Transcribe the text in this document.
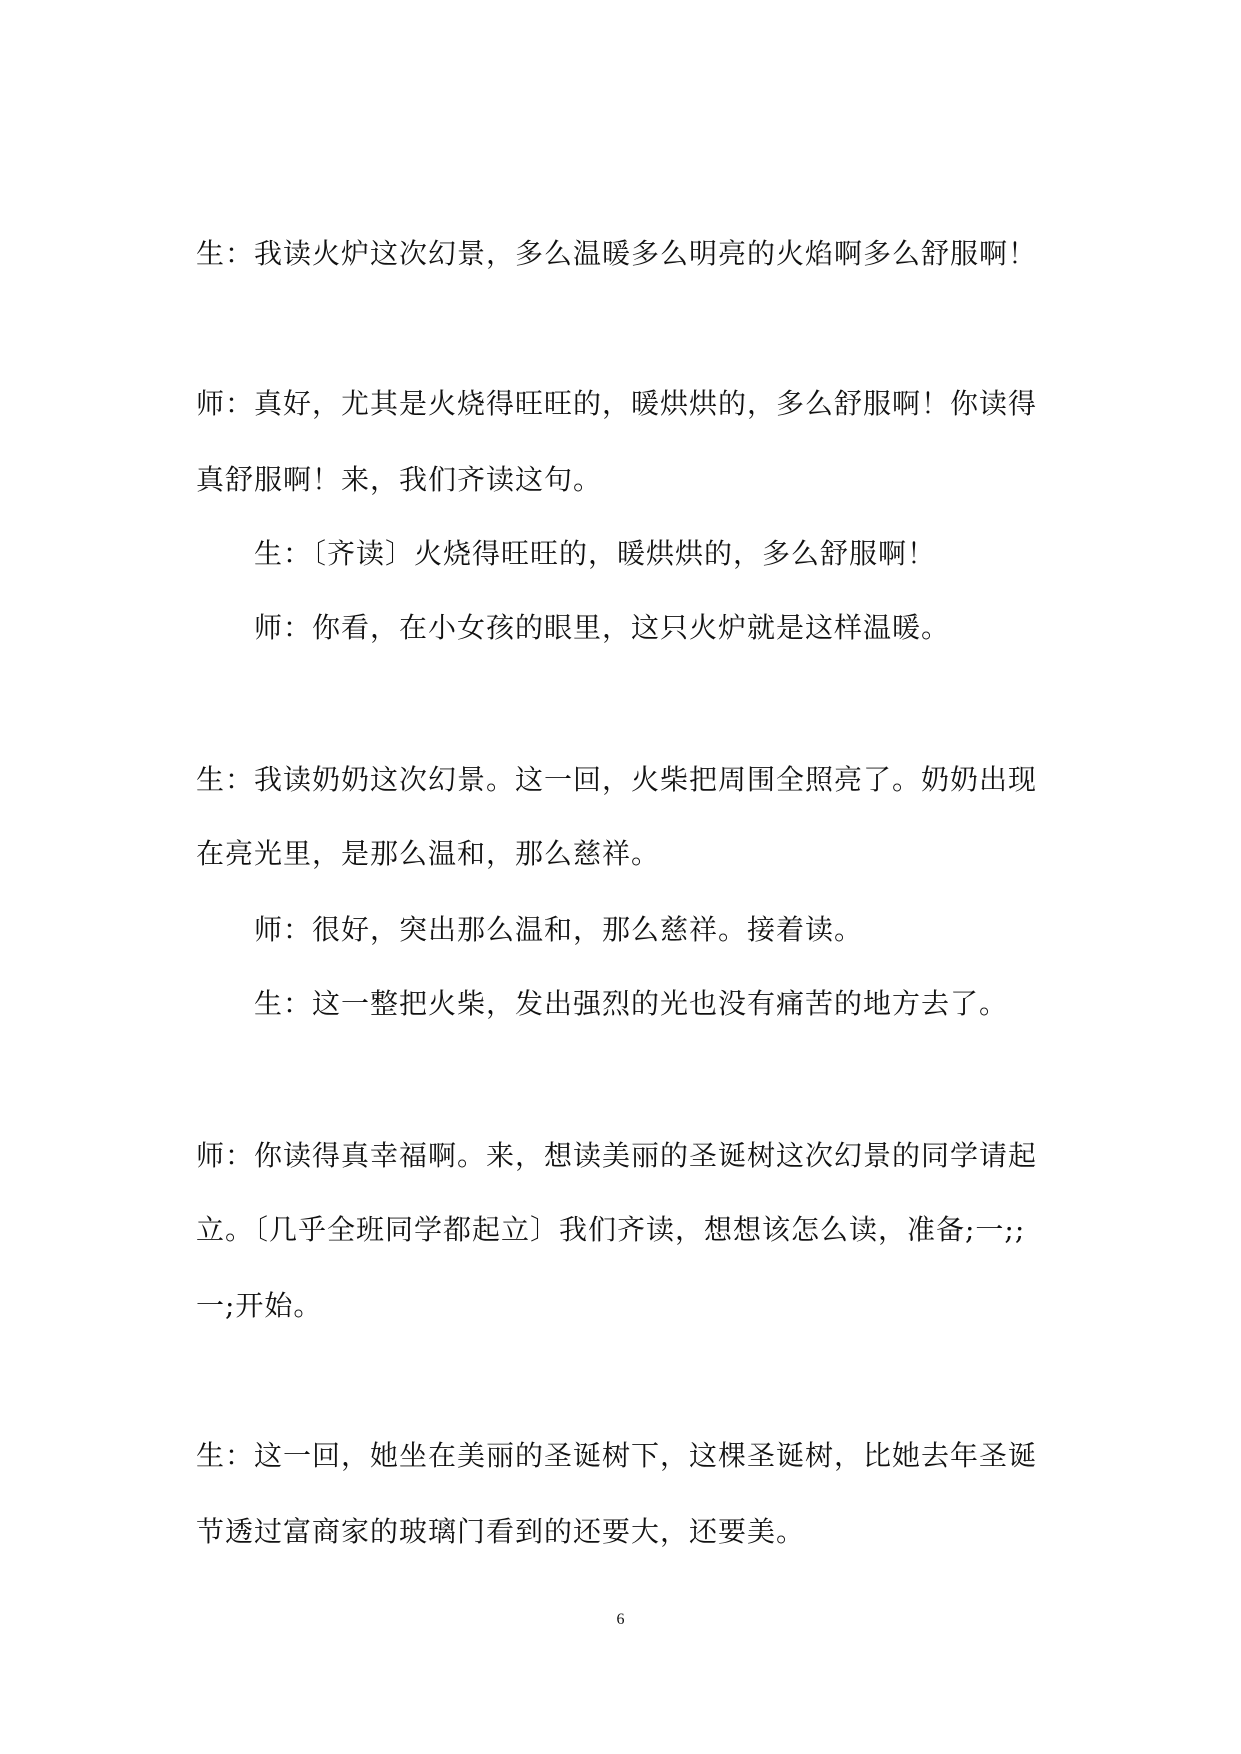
生：我读火炉这次幻景，多么温暖多么明亮的火焰啊多么舒服啊！

师：真好，尤其是火烧得旺旺的，暖烘烘的，多么舒服啊！你读得

真舒服啊！来，我们齐读这句。

生：〔齐读〕火烧得旺旺的，暖烘烘的，多么舒服啊！

师：你看，在小女孩的眼里，这只火炉就是这样温暖。

生：我读奶奶这次幻景。这一回，火柴把周围全照亮了。奶奶出现

在亮光里，是那么温和，那么慈祥。

师：很好，突出那么温和，那么慈祥。接着读。

生：这一整把火柴，发出强烈的光也没有痛苦的地方去了。

师：你读得真幸福啊。来，想读美丽的圣诞树这次幻景的同学请起

立。〔几乎全班同学都起立〕我们齐读，想想该怎么读，准备;一;;

一;开始。

生：这一回，她坐在美丽的圣诞树下，这棵圣诞树，比她去年圣诞

节透过富商家的玻璃门看到的还要大，还要美。

6
